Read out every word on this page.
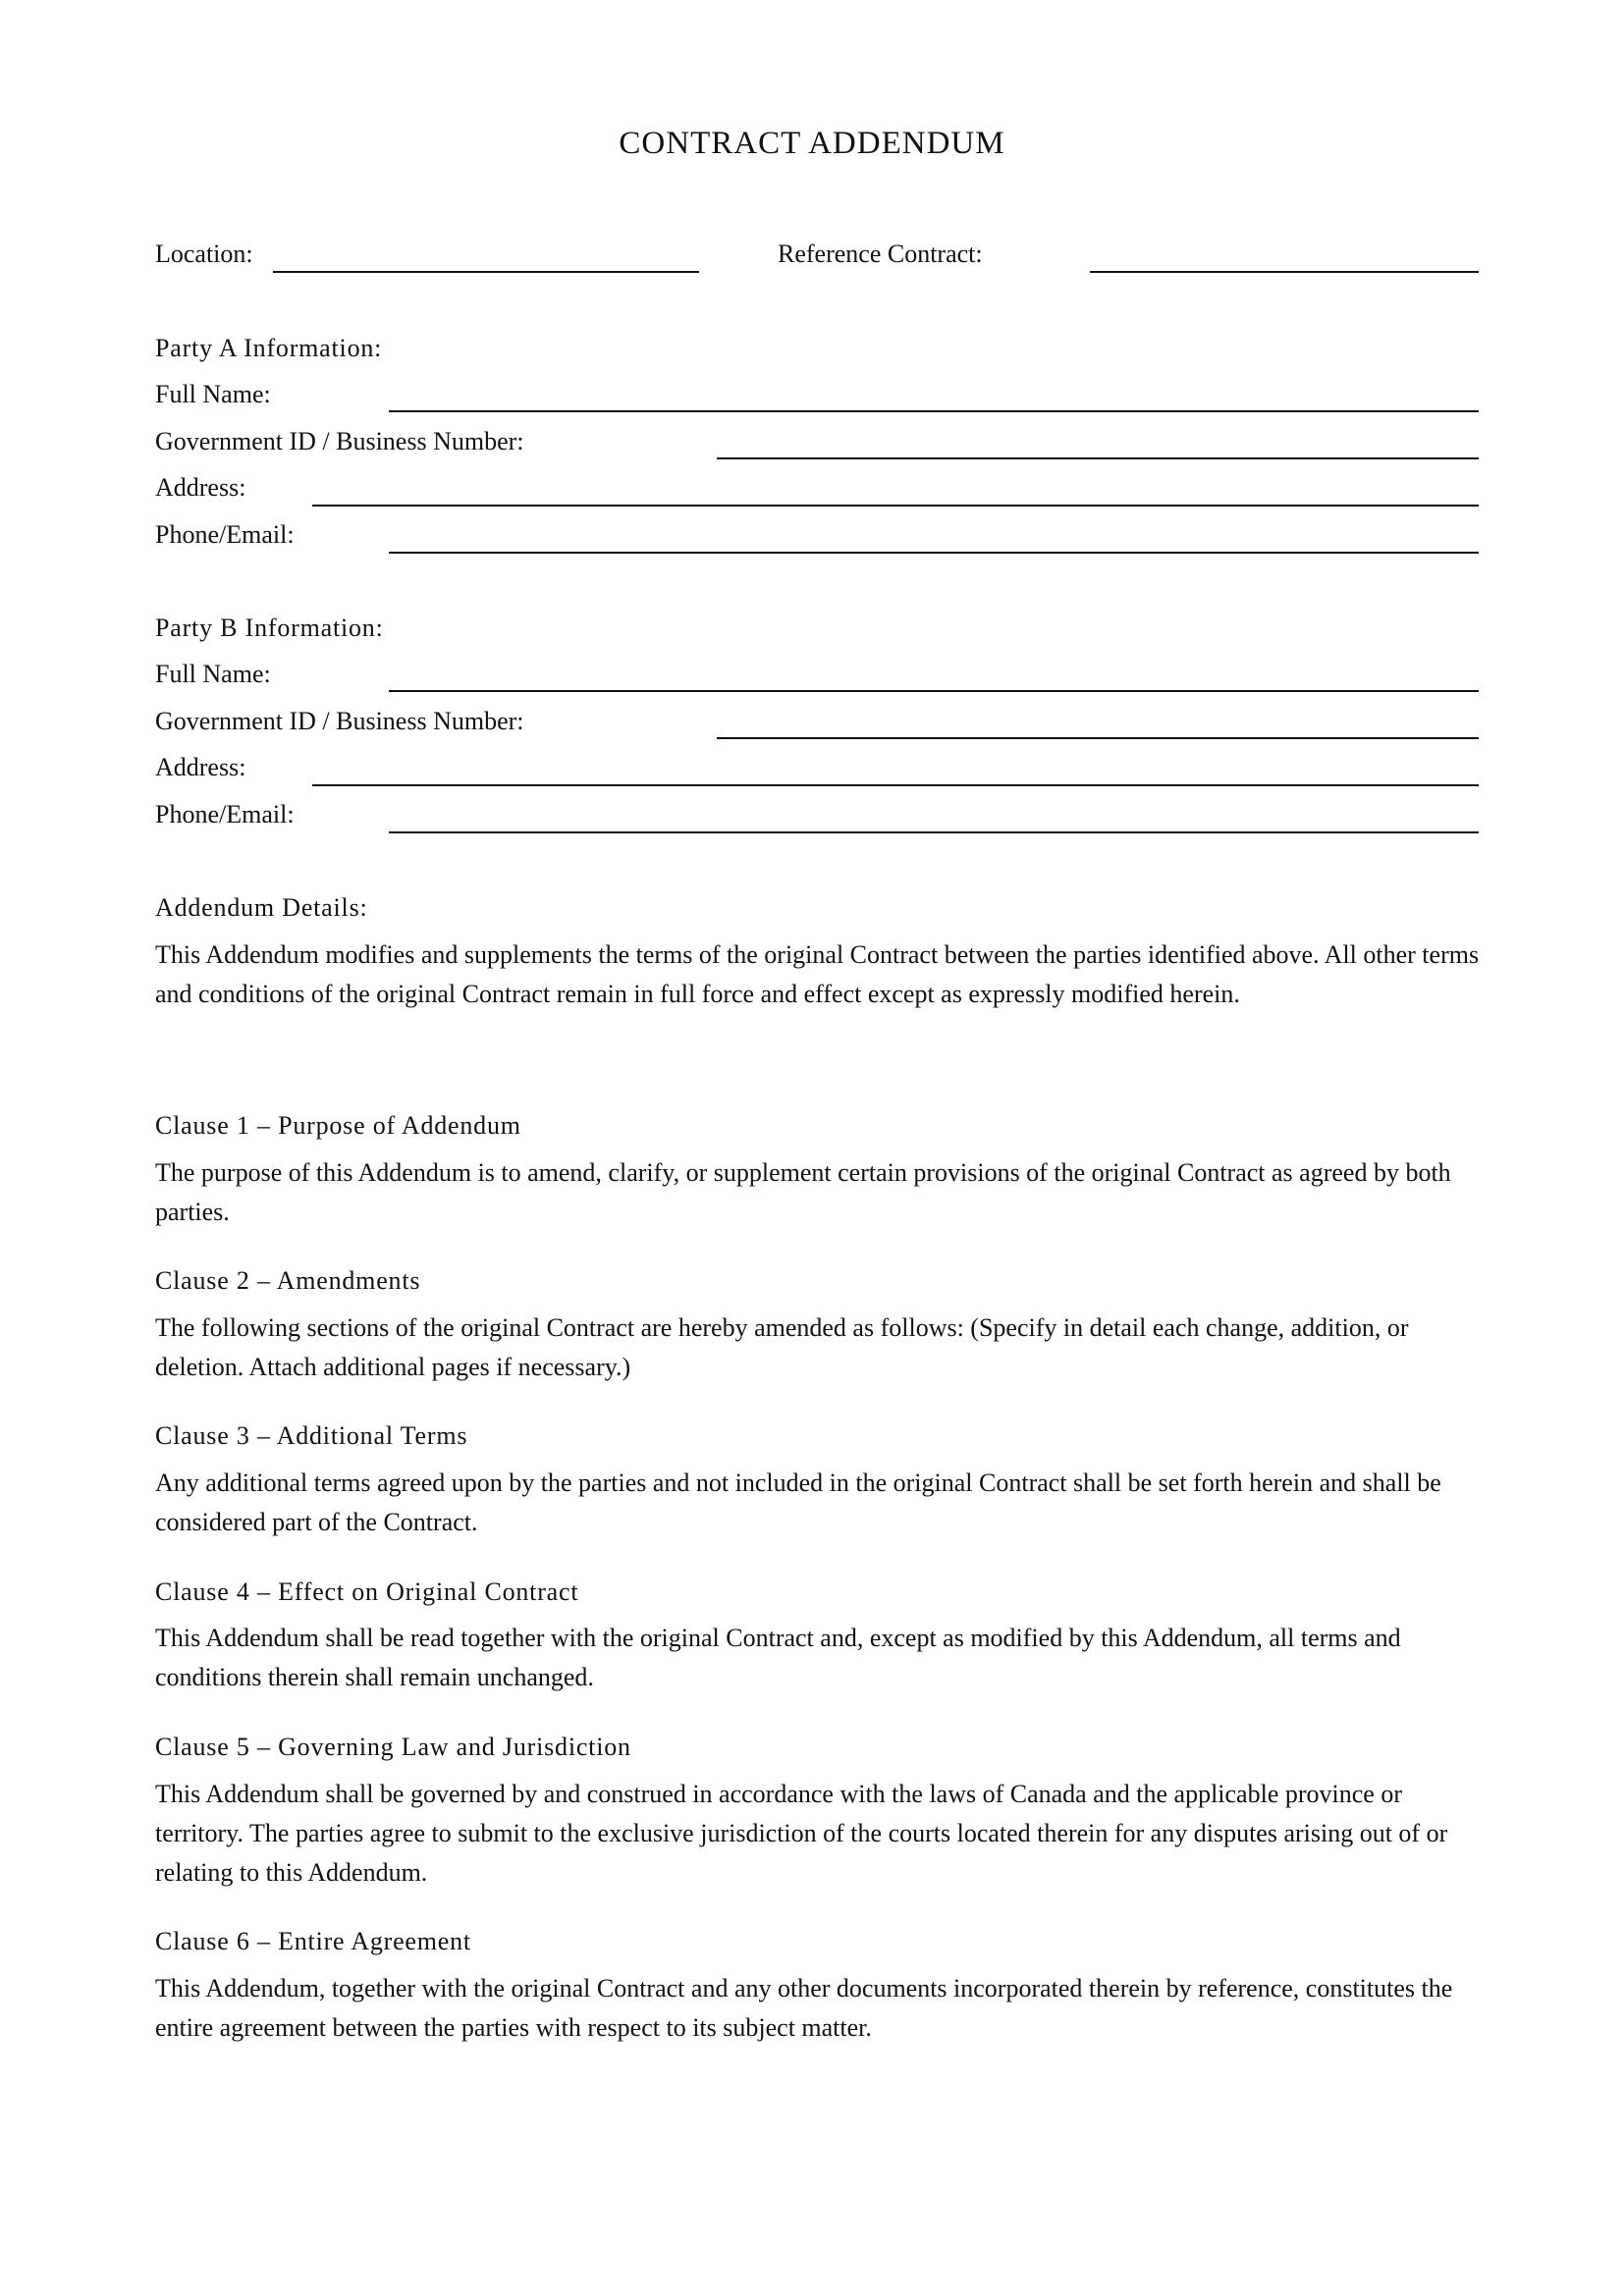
CONTRACT ADDENDUM
Location:	Reference Contract:
Party A Information:
Full Name:
Government ID / Business Number:
Address:
Phone/Email:
Party B Information:
Full Name:
Government ID / Business Number:
Address:
Phone/Email:
Addendum Details:

This Addendum modifies and supplements the terms of the original Contract between the parties identified above. All other terms and conditions of the original Contract remain in full force and effect except as expressly modified herein.

Clause 1 – Purpose of Addendum

The purpose of this Addendum is to amend, clarify, or supplement certain provisions of the original Contract as agreed by both parties.

Clause 2 – Amendments

The following sections of the original Contract are hereby amended as follows: (Specify in detail each change, addition, or deletion. Attach additional pages if necessary.)

Clause 3 – Additional Terms

Any additional terms agreed upon by the parties and not included in the original Contract shall be set forth herein and shall be considered part of the Contract.

Clause 4 – Effect on Original Contract

This Addendum shall be read together with the original Contract and, except as modified by this Addendum, all terms and conditions therein shall remain unchanged.

Clause 5 – Governing Law and Jurisdiction

This Addendum shall be governed by and construed in accordance with the laws of Canada and the applicable province or territory. The parties agree to submit to the exclusive jurisdiction of the courts located therein for any disputes arising out of or relating to this Addendum.

Clause 6 – Entire Agreement

This Addendum, together with the original Contract and any other documents incorporated therein by reference, constitutes the entire agreement between the parties with respect to its subject matter.
